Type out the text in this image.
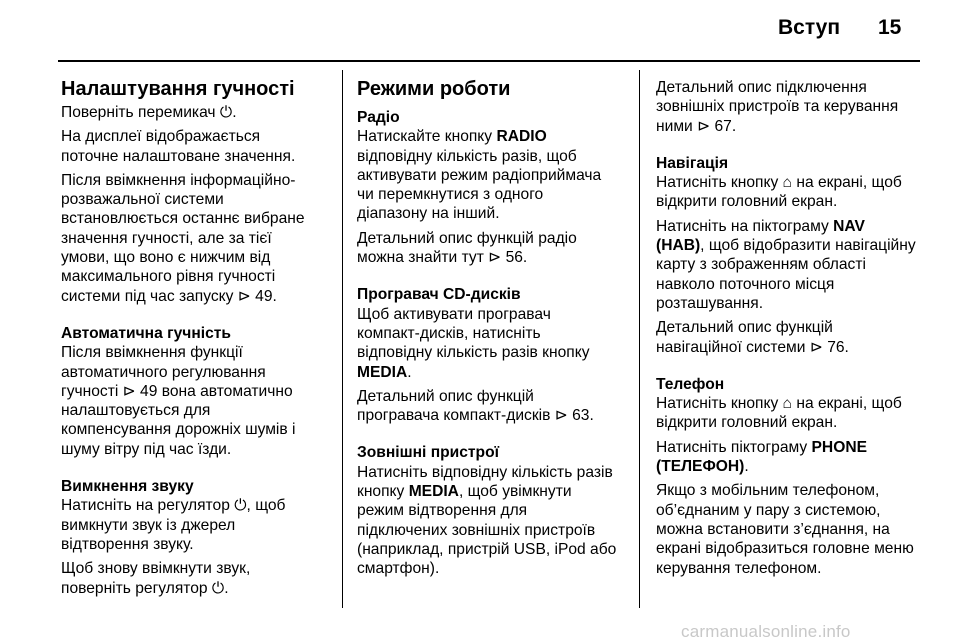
Вступ 15
Налаштування гучності

Поверніть перемикач ⏻.

На дисплеї відображається
поточне налаштоване значення.

Після ввімкнення інформаційно-
розважальної системи
встановлюється останнє вибране
значення гучності, але за тієї
умови, що воно є нижчим від
максимального рівня гучності
системи під час запуску ⊳ 49.

Автоматична гучність

Після ввімкнення функції
автоматичного регулювання
гучності ⊳ 49 вона автоматично
налаштовується для
компенсування дорожніх шумів і
шуму вітру під час їзди.

Вимкнення звуку

Натисніть на регулятор ⏻, щоб
вимкнути звук із джерел
відтворення звуку.

Щоб знову ввімкнути звук,
поверніть регулятор ⏻.

Режими роботи
Радіо

Натискайте кнопку RADIO
відповідну кількість разів, щоб
активувати режим радіоприймача
чи перемкнутися з одного
діапазону на інший.

Детальний опис функцій радіо
можна знайти тут ⊳ 56.

Програвач CD-дисків

Щоб активувати програвач
компакт-дисків, натисніть
відповідну кількість разів кнопку
MEDIA.

Детальний опис функцій
програвача компакт-дисків ⊳ 63.

Зовнішні пристрої

Натисніть відповідну кількість разів
кнопку MEDIA, щоб увімкнути
режим відтворення для
підключених зовнішніх пристроїв
(наприклад, пристрій USB, iPod або
смартфон).

Детальний опис підключення
зовнішніх пристроїв та керування
ними ⊳ 67.

Навігація

Натисніть кнопку ⌂ на екрані, щоб
відкрити головний екран.

Натисніть на піктограму NAV
(НАВ), щоб відобразити навігаційну
карту з зображенням області
навколо поточного місця
розташування.

Детальний опис функцій
навігаційної системи ⊳ 76.

Телефон

Натисніть кнопку ⌂ на екрані, щоб
відкрити головний екран.

Натисніть піктограму PHONE
(ТЕЛЕФОН).

Якщо з мобільним телефоном,
об’єднаним у пару з системою,
можна встановити з’єднання, на
екрані відобразиться головне меню
керування телефоном.

carmanualsonline.info
